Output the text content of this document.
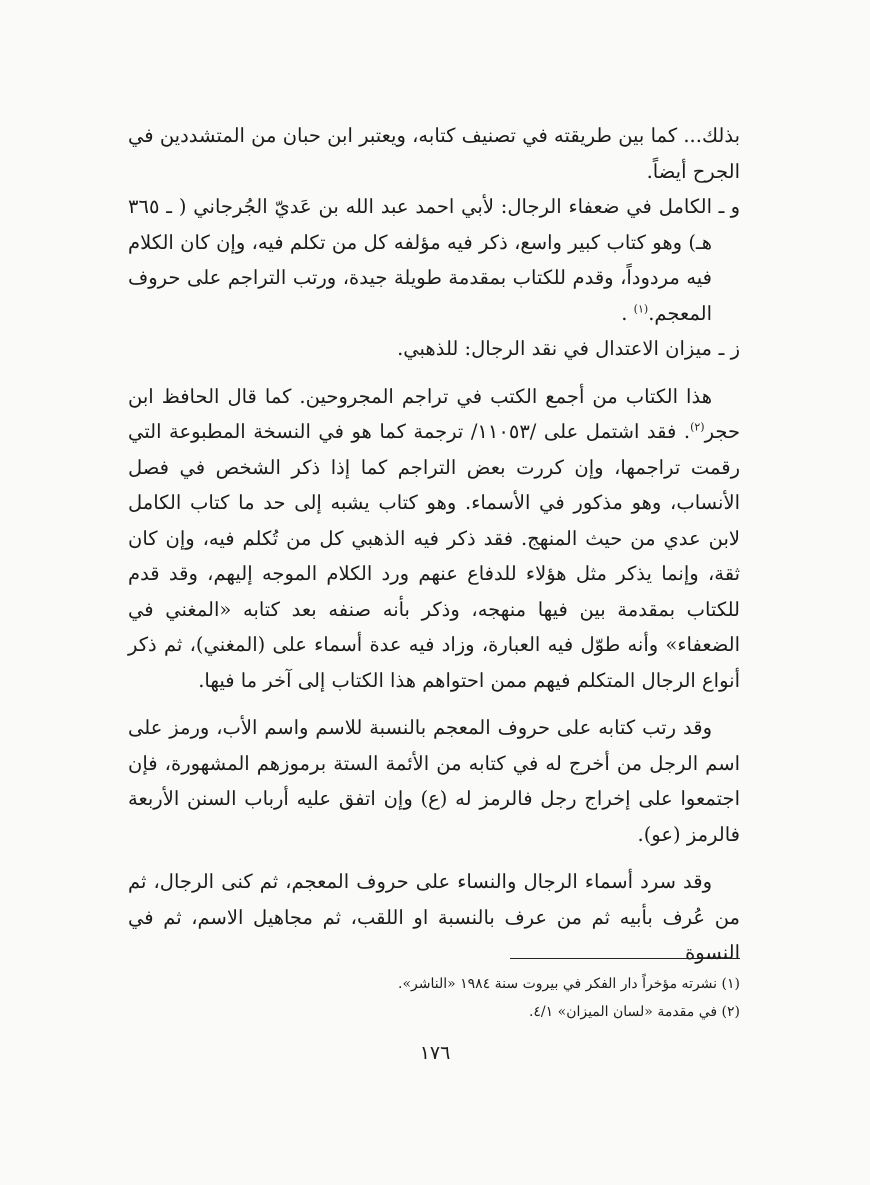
بذلك... كما بين طريقته في تصنيف كتابه، ويعتبر ابن حبان من المتشددين في الجرح أيضاً.

و ـ
الكامل في ضعفاء الرجال: لأبي احمد عبد الله بن عَديّ الجُرجاني ( ـ ٣٦٥ هـ) وهو كتاب كبير واسع، ذكر فيه مؤلفه كل من تكلم فيه، وإن كان الكلام فيه مردوداً، وقدم للكتاب بمقدمة طويلة جيدة، ورتب التراجم على حروف المعجم.$^{(١)}$ .
ز ـ
ميزان الاعتدال في نقد الرجال: للذهبي.

هذا الكتاب من أجمع الكتب في تراجم المجروحين. كما قال الحافظ ابن حجر$^{(٢)}$. فقد اشتمل على /١١٠٥٣/ ترجمة كما هو في النسخة المطبوعة التي رقمت تراجمها، وإن كررت بعض التراجم كما إذا ذكر الشخص في فصل الأنساب، وهو مذكور في الأسماء. وهو كتاب يشبه إلى حد ما كتاب الكامل لابن عدي من حيث المنهج. فقد ذكر فيه الذهبي كل من تُكلم فيه، وإن كان ثقة، وإنما يذكر مثل هؤلاء للدفاع عنهم ورد الكلام الموجه إليهم، وقد قدم للكتاب بمقدمة بين فيها منهجه، وذكر بأنه صنفه بعد كتابه «المغني في الضعفاء» وأنه طوّل فيه العبارة، وزاد فيه عدة أسماء على (المغني)، ثم ذكر أنواع الرجال المتكلم فيهم ممن احتواهم هذا الكتاب إلى آخر ما فيها.

وقد رتب كتابه على حروف المعجم بالنسبة للاسم واسم الأب، ورمز على اسم الرجل من أخرج له في كتابه من الأئمة الستة برموزهم المشهورة، فإن اجتمعوا على إخراج رجل فالرمز له (ع) وإن اتفق عليه أرباب السنن الأربعة فالرمز (عو).

وقد سرد أسماء الرجال والنساء على حروف المعجم، ثم كنى الرجال، ثم من عُرف بأبيه ثم من عرف بالنسبة او اللقب، ثم مجاهيل الاسم، ثم في النسوة

(١) نشرته مؤخراً دار الفكر في بيروت سنة ١٩٨٤ «الناشر».

(٢) في مقدمة «لسان الميزان» ٤/١.

١٧٦
